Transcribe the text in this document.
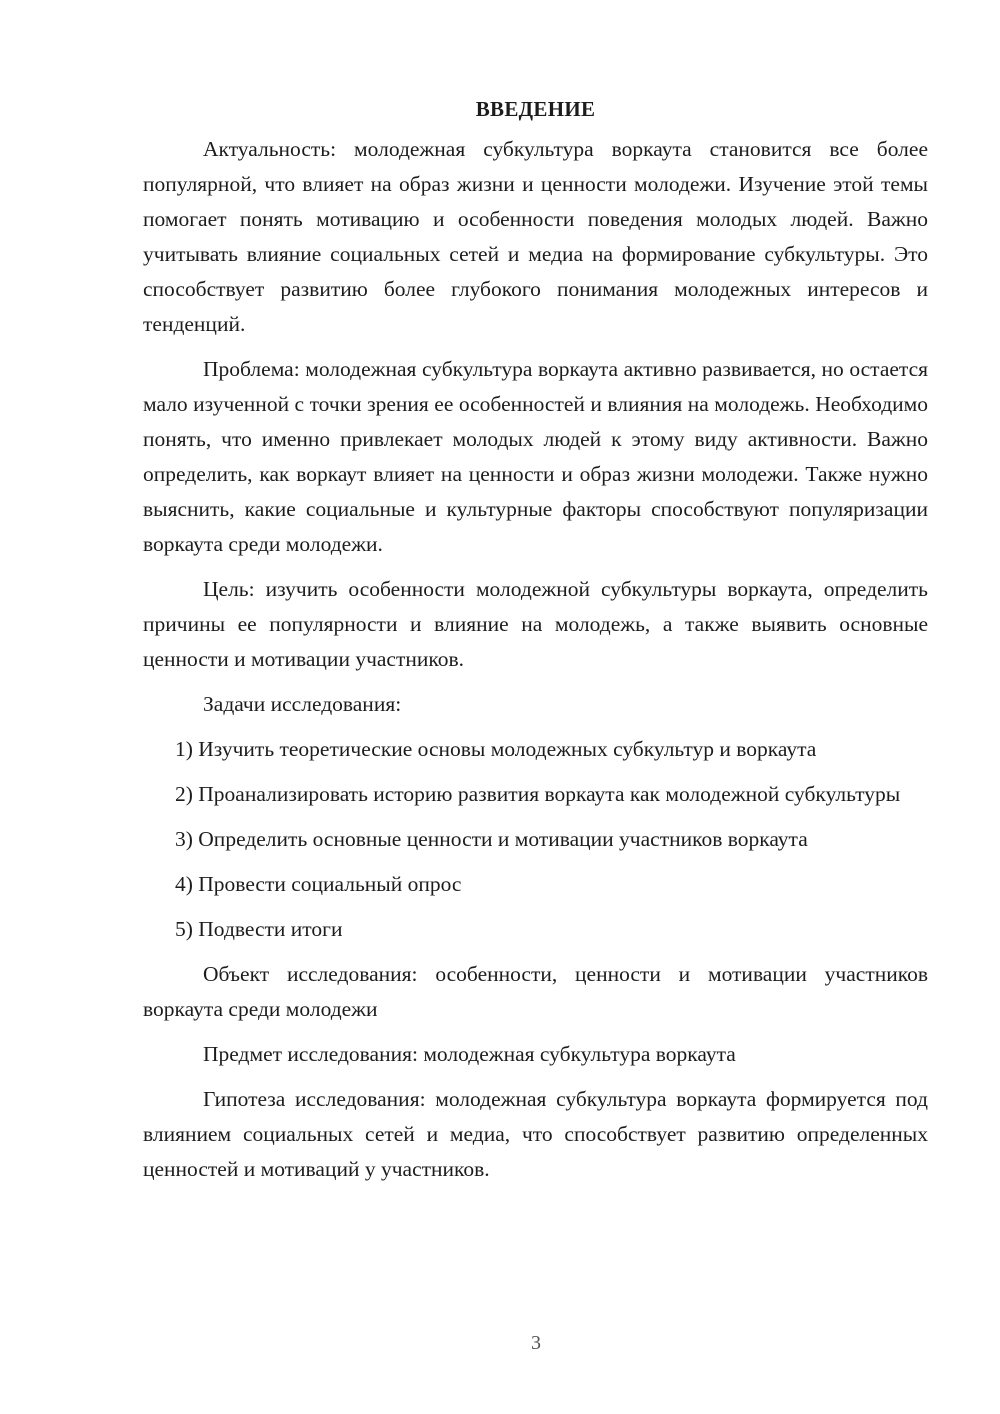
ВВЕДЕНИЕ

Актуальность: молодежная субкультура воркаута становится все более популярной, что влияет на образ жизни и ценности молодежи. Изучение этой темы помогает понять мотивацию и особенности поведения молодых людей. Важно учитывать влияние социальных сетей и медиа на формирование субкультуры. Это способствует развитию более глубокого понимания молодежных интересов и тенденций.

Проблема: молодежная субкультура воркаута активно развивается, но остается мало изученной с точки зрения ее особенностей и влияния на молодежь. Необходимо понять, что именно привлекает молодых людей к этому виду активности. Важно определить, как воркаут влияет на ценности и образ жизни молодежи. Также нужно выяснить, какие социальные и культурные факторы способствуют популяризации воркаута среди молодежи.

Цель: изучить особенности молодежной субкультуры воркаута, определить причины ее популярности и влияние на молодежь, а также выявить основные ценности и мотивации участников.

Задачи исследования:

1) Изучить теоретические основы молодежных субкультур и воркаута

2) Проанализировать историю развития воркаута как молодежной субкультуры

3) Определить основные ценности и мотивации участников воркаута

4) Провести социальный опрос

5) Подвести итоги

Объект исследования: особенности, ценности и мотивации участников воркаута среди молодежи

Предмет исследования: молодежная субкультура воркаута

Гипотеза исследования: молодежная субкультура воркаута формируется под влиянием социальных сетей и медиа, что способствует развитию определенных ценностей и мотиваций у участников.

3
